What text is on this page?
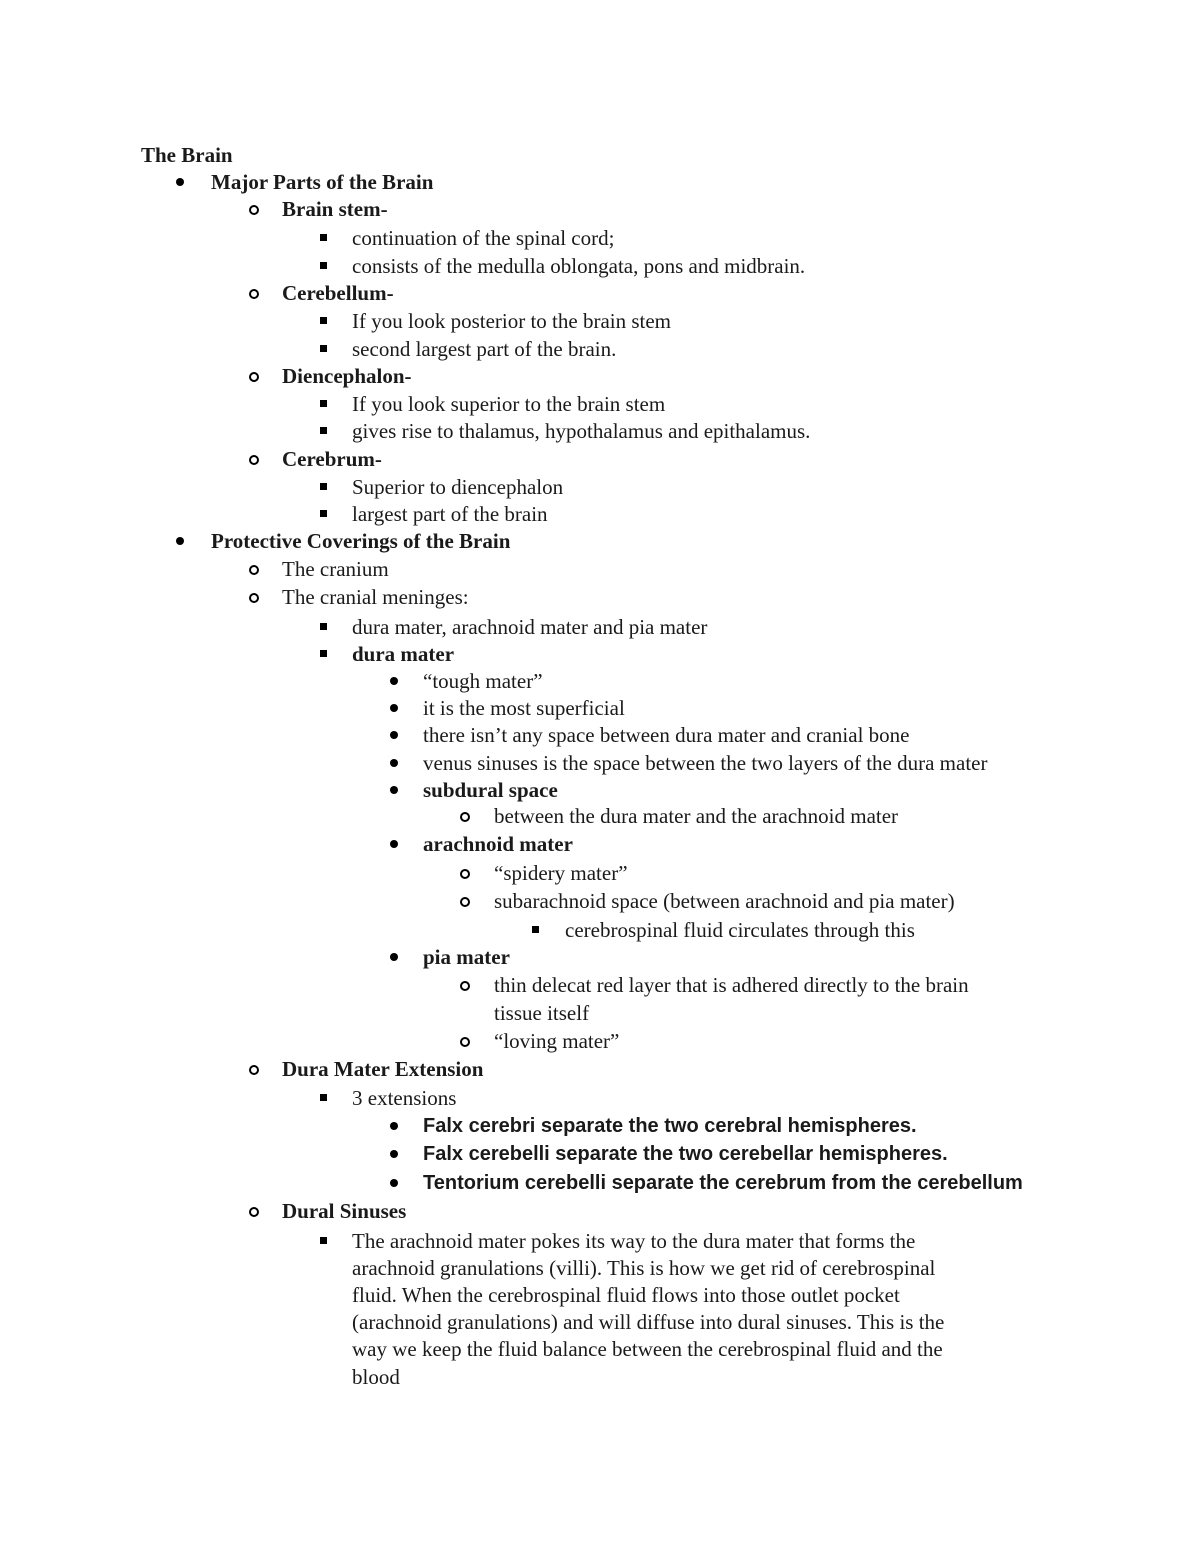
The Brain
Major Parts of the Brain
Brain stem-
continuation of the spinal cord;
consists of the medulla oblongata, pons and midbrain.
Cerebellum-
If you look posterior to the brain stem
second largest part of the brain.
Diencephalon-
If you look superior to the brain stem
gives rise to thalamus, hypothalamus and epithalamus.
Cerebrum-
Superior to diencephalon
largest part of the brain
Protective Coverings of the Brain
The cranium
The cranial meninges:
dura mater, arachnoid mater and pia mater
dura mater
“tough mater”
it is the most superficial
there isn’t any space between dura mater and cranial bone
venus sinuses is the space between the two layers of the dura mater
subdural space
between the dura mater and the arachnoid mater
arachnoid mater
“spidery mater”
subarachnoid space (between arachnoid and pia mater)
cerebrospinal fluid circulates through this
pia mater
thin delecat red layer that is adhered directly to the brain
tissue itself
“loving mater”
Dura Mater Extension
3 extensions
Falx cerebri separate the two cerebral hemispheres.
Falx cerebelli separate the two cerebellar hemispheres.
Tentorium cerebelli separate the cerebrum from the cerebellum
Dural Sinuses
The arachnoid mater pokes its way to the dura mater that forms the
arachnoid granulations (villi). This is how we get rid of cerebrospinal
fluid. When the cerebrospinal fluid flows into those outlet pocket
(arachnoid granulations) and will diffuse into dural sinuses. This is the
way we keep the fluid balance between the cerebrospinal fluid and the
blood
